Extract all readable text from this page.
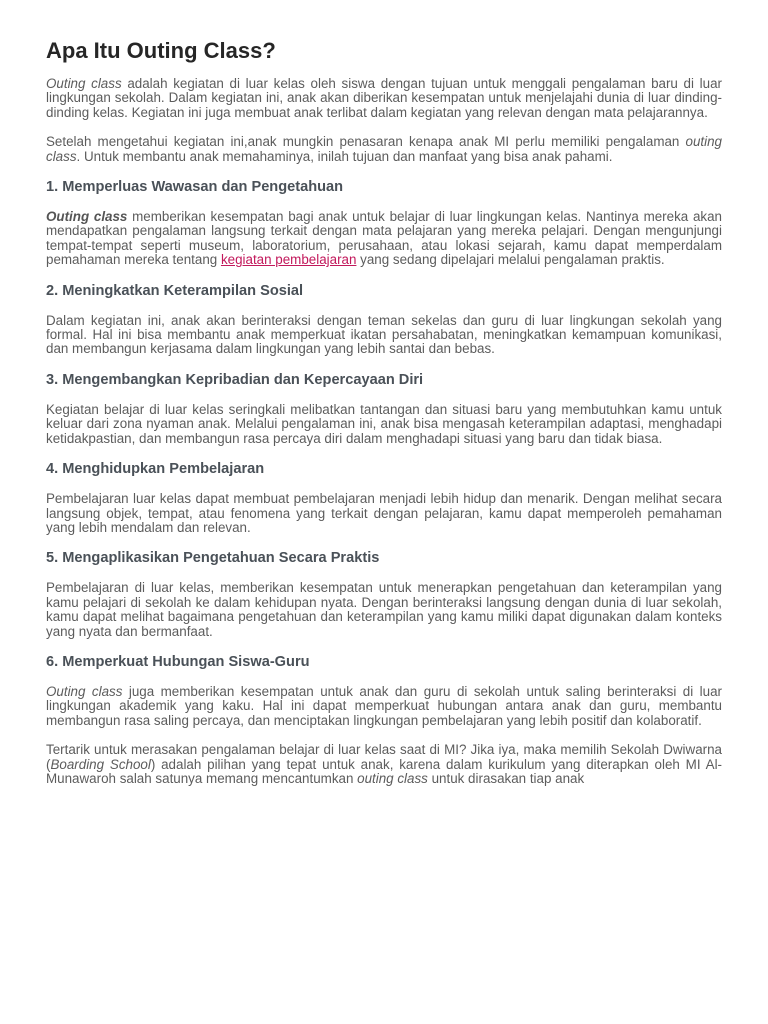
Apa Itu Outing Class?

Outing class adalah kegiatan di luar kelas oleh siswa dengan tujuan untuk menggali pengalaman baru di luar lingkungan sekolah. Dalam kegiatan ini, anak akan diberikan kesempatan untuk menjelajahi dunia di luar dinding-dinding kelas. Kegiatan ini juga membuat anak terlibat dalam kegiatan yang relevan dengan mata pelajarannya.

Setelah mengetahui kegiatan ini,anak mungkin penasaran kenapa anak MI perlu memiliki pengalaman outing class. Untuk membantu anak memahaminya, inilah tujuan dan manfaat yang bisa anak pahami.

1. Memperluas Wawasan dan Pengetahuan

Outing class memberikan kesempatan bagi anak untuk belajar di luar lingkungan kelas. Nantinya mereka akan mendapatkan pengalaman langsung terkait dengan mata pelajaran yang mereka pelajari. Dengan mengunjungi tempat-tempat seperti museum, laboratorium, perusahaan, atau lokasi sejarah, kamu dapat memperdalam pemahaman mereka tentang kegiatan pembelajaran yang sedang dipelajari melalui pengalaman praktis.

2. Meningkatkan Keterampilan Sosial

Dalam kegiatan ini, anak akan berinteraksi dengan teman sekelas dan guru di luar lingkungan sekolah yang formal. Hal ini bisa membantu anak memperkuat ikatan persahabatan, meningkatkan kemampuan komunikasi, dan membangun kerjasama dalam lingkungan yang lebih santai dan bebas.

3. Mengembangkan Kepribadian dan Kepercayaan Diri

Kegiatan belajar di luar kelas seringkali melibatkan tantangan dan situasi baru yang membutuhkan kamu untuk keluar dari zona nyaman anak. Melalui pengalaman ini, anak bisa mengasah keterampilan adaptasi, menghadapi ketidakpastian, dan membangun rasa percaya diri dalam menghadapi situasi yang baru dan tidak biasa.

4. Menghidupkan Pembelajaran

Pembelajaran luar kelas dapat membuat pembelajaran menjadi lebih hidup dan menarik. Dengan melihat secara langsung objek, tempat, atau fenomena yang terkait dengan pelajaran, kamu dapat memperoleh pemahaman yang lebih mendalam dan relevan.

5. Mengaplikasikan Pengetahuan Secara Praktis

Pembelajaran di luar kelas, memberikan kesempatan untuk menerapkan pengetahuan dan keterampilan yang kamu pelajari di sekolah ke dalam kehidupan nyata. Dengan berinteraksi langsung dengan dunia di luar sekolah, kamu dapat melihat bagaimana pengetahuan dan keterampilan yang kamu miliki dapat digunakan dalam konteks yang nyata dan bermanfaat.

6. Memperkuat Hubungan Siswa-Guru

Outing class juga memberikan kesempatan untuk anak dan guru di sekolah untuk saling berinteraksi di luar lingkungan akademik yang kaku. Hal ini dapat memperkuat hubungan antara anak dan guru, membantu membangun rasa saling percaya, dan menciptakan lingkungan pembelajaran yang lebih positif dan kolaboratif.

Tertarik untuk merasakan pengalaman belajar di luar kelas saat di MI? Jika iya, maka memilih Sekolah Dwiwarna (Boarding School) adalah pilihan yang tepat untuk anak, karena dalam kurikulum yang diterapkan oleh MI Al-Munawaroh salah satunya memang mencantumkan outing class untuk dirasakan tiap anak
